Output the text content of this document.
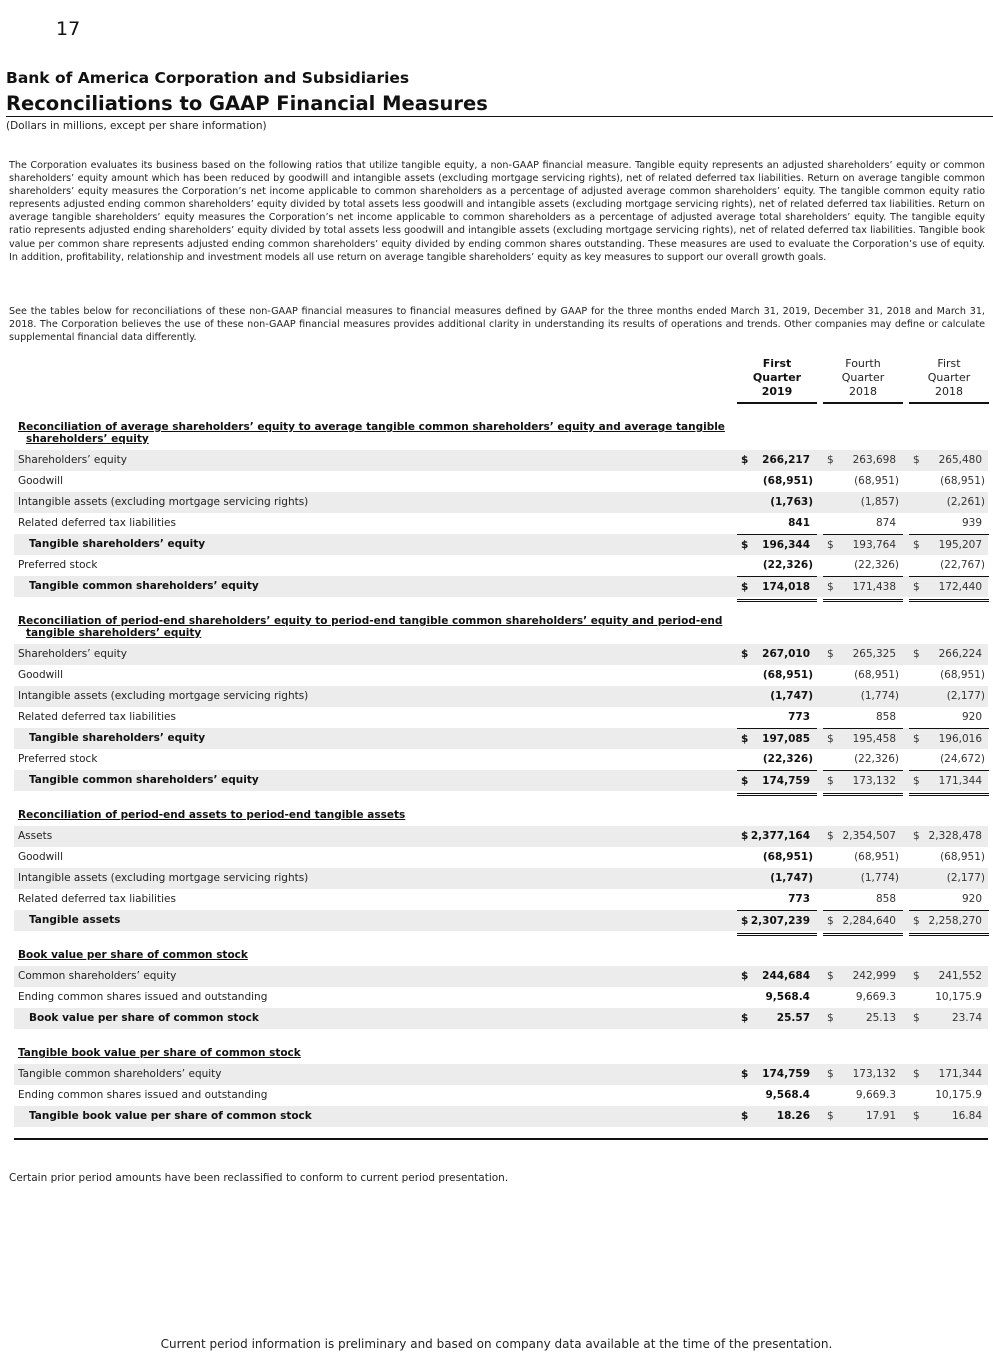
17
Bank of America Corporation and Subsidiaries
Reconciliations to GAAP Financial Measures
(Dollars in millions, except per share information)
The Corporation evaluates its business based on the following ratios that utilize tangible equity, a non-GAAP financial measure. Tangible equity represents an adjusted shareholders’ equity or common shareholders’ equity amount which has been reduced by goodwill and intangible assets (excluding mortgage servicing rights), net of related deferred tax liabilities. Return on average tangible common shareholders’ equity measures the Corporation’s net income applicable to common shareholders as a percentage of adjusted average common shareholders’ equity. The tangible common equity ratio represents adjusted ending common shareholders’ equity divided by total assets less goodwill and intangible assets (excluding mortgage servicing rights), net of related deferred tax liabilities. Return on average tangible shareholders’ equity measures the Corporation’s net income applicable to common shareholders as a percentage of adjusted average total shareholders’ equity. The tangible equity ratio represents adjusted ending shareholders’ equity divided by total assets less goodwill and intangible assets (excluding mortgage servicing rights), net of related deferred tax liabilities. Tangible book value per common share represents adjusted ending common shareholders’ equity divided by ending common shares outstanding. These measures are used to evaluate the Corporation’s use of equity. In addition, profitability, relationship and investment models all use return on average tangible shareholders’ equity as key measures to support our overall growth goals.
See the tables below for reconciliations of these non-GAAP financial measures to financial measures defined by GAAP for the three months ended March 31, 2019, December 31, 2018 and March 31, 2018. The Corporation believes the use of these non-GAAP financial measures provides additional clarity in understanding its results of operations and trends. Other companies may define or calculate supplemental financial data differently.
First
Quarter
2019
Fourth
Quarter
2018
First
Quarter
2018
Reconciliation of average shareholders’ equity to average tangible common shareholders’ equity and average tangible
shareholders’ equity
Shareholders’ equity	$ 266,217 $ 263,698 $ 265,480
Goodwill	(68,951)	(68,951)	(68,951)
Intangible assets (excluding mortgage servicing rights)	(1,763)	(1,857)	(2,261)
Related deferred tax liabilities	841	874	939
Tangible shareholders’ equity	$ 196,344 $ 193,764 $ 195,207
Preferred stock	(22,326)	(22,326)	(22,767)
Tangible common shareholders’ equity	$ 174,018 $ 171,438 $ 172,440
Reconciliation of period-end shareholders’ equity to period-end tangible common shareholders’ equity and period-end
tangible shareholders’ equity
Shareholders’ equity	$ 267,010 $ 265,325 $ 266,224
Goodwill	(68,951)	(68,951)	(68,951)
Intangible assets (excluding mortgage servicing rights)	(1,747)	(1,774)	(2,177)
Related deferred tax liabilities	773	858	920
Tangible shareholders’ equity	$ 197,085 $ 195,458 $ 196,016
Preferred stock	(22,326)	(22,326)	(24,672)
Tangible common shareholders’ equity	$ 174,759 $ 173,132 $ 171,344
Reconciliation of period-end assets to period-end tangible assets
Assets	$ 2,377,164 $ 2,354,507 $ 2,328,478
Goodwill	(68,951)	(68,951)	(68,951)
Intangible assets (excluding mortgage servicing rights)	(1,747)	(1,774)	(2,177)
Related deferred tax liabilities	773	858	920
Tangible assets	$ 2,307,239 $ 2,284,640 $ 2,258,270
Book value per share of common stock
Common shareholders’ equity	$ 244,684 $ 242,999 $ 241,552
Ending common shares issued and outstanding	9,568.4	9,669.3	10,175.9
Book value per share of common stock	$	25.57 $	25.13 $	23.74
Tangible book value per share of common stock
Tangible common shareholders’ equity	$ 174,759 $ 173,132 $ 171,344
Ending common shares issued and outstanding	9,568.4	9,669.3	10,175.9
Tangible book value per share of common stock	$	18.26 $	17.91 $	16.84
Certain prior period amounts have been reclassified to conform to current period presentation.
Current period information is preliminary and based on company data available at the time of the presentation.
